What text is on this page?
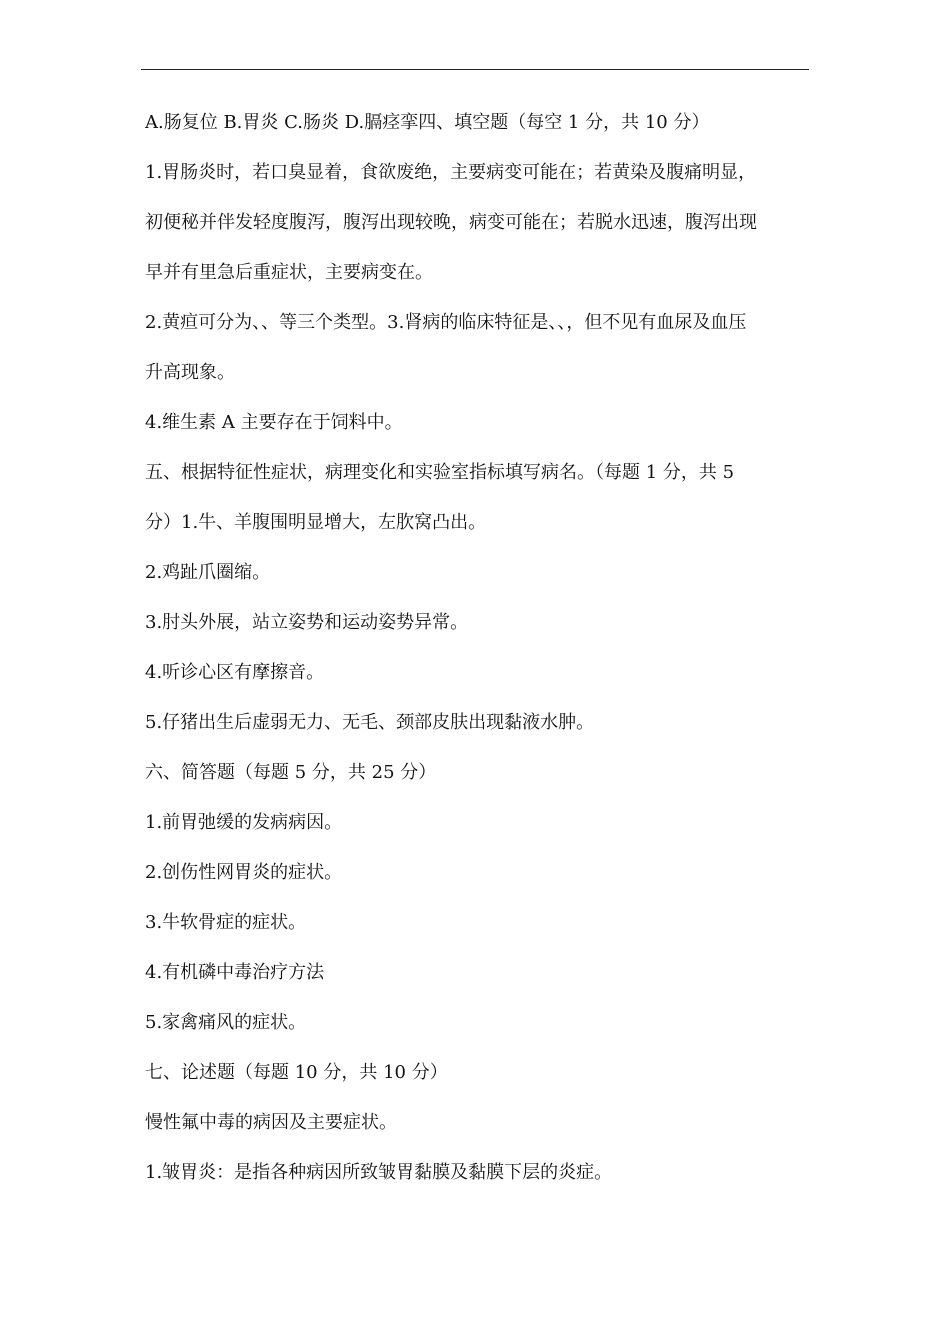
A.肠复位 B.胃炎 C.肠炎 D.膈痉挛四、填空题（每空 1 分，共 10 分）
1.胃肠炎时，若口臭显着，食欲废绝，主要病变可能在；若黄染及腹痛明显，
初便秘并伴发轻度腹泻，腹泻出现较晚，病变可能在；若脱水迅速，腹泻出现
早并有里急后重症状，主要病变在。
2.黄疸可分为、、等三个类型。3.肾病的临床特征是、、，但不见有血尿及血压
升高现象。
4.维生素 A 主要存在于饲料中。
五、根据特征性症状，病理变化和实验室指标填写病名。（每题 1 分，共 5
分）1.牛、羊腹围明显增大，左肷窝凸出。
2.鸡趾爪圈缩。
3.肘头外展，站立姿势和运动姿势异常。
4.听诊心区有摩擦音。
5.仔猪出生后虚弱无力、无毛、颈部皮肤出现黏液水肿。
六、简答题（每题 5 分，共 25 分）
1.前胃弛缓的发病病因。
2.创伤性网胃炎的症状。
3.牛软骨症的症状。
4.有机磷中毒治疗方法
5.家禽痛风的症状。
七、论述题（每题 10 分，共 10 分）
慢性氟中毒的病因及主要症状。
1.皱胃炎：是指各种病因所致皱胃黏膜及黏膜下层的炎症。
